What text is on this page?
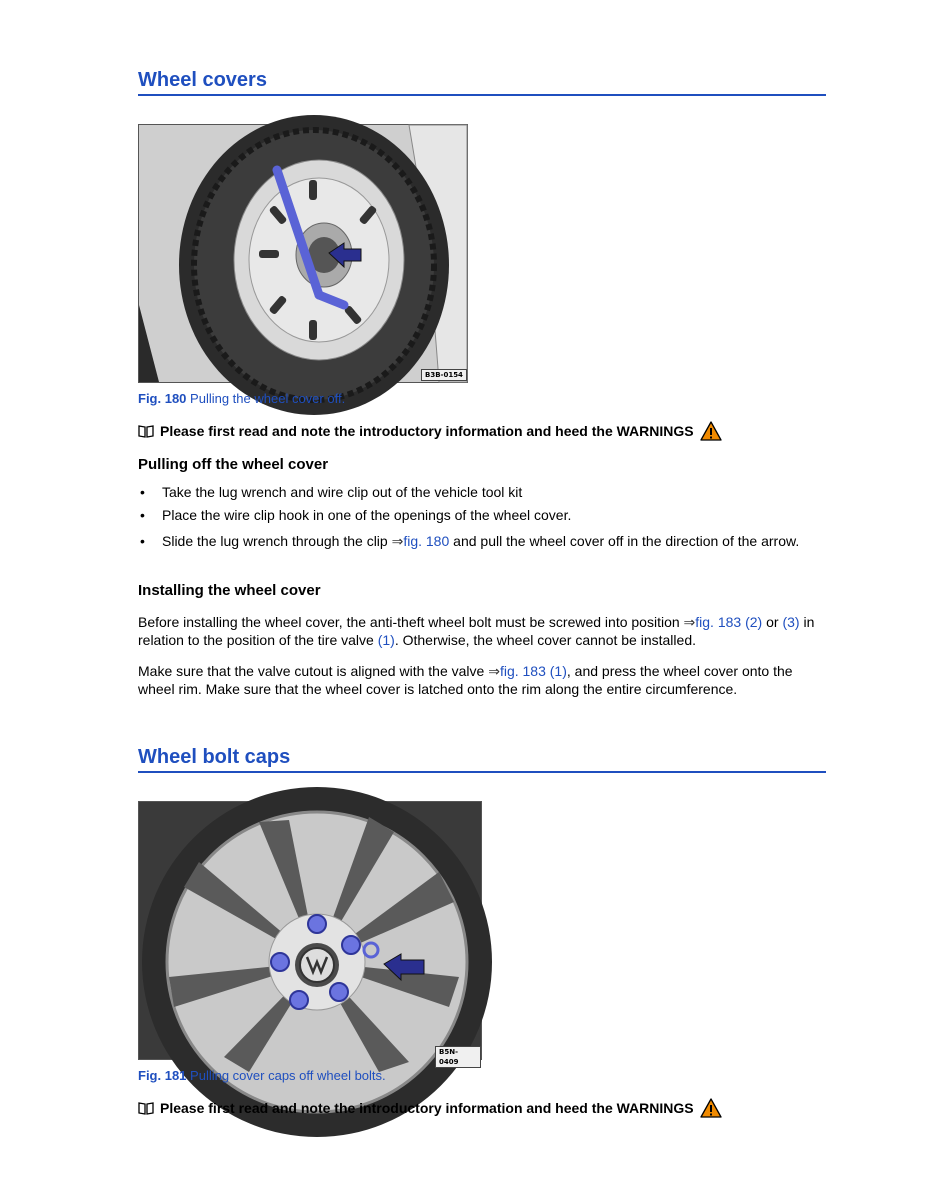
Wheel covers
B3B-0154
Fig. 180 Pulling the wheel cover off.
Please first read and note the introductory information and heed the WARNINGS
Pulling off the wheel cover
• Take the lug wrench and wire clip out of the vehicle tool kit
• Place the wire clip hook in one of the openings of the wheel cover.
• Slide the lug wrench through the clip ⇒fig. 180 and pull the wheel cover off in the direction of the arrow.
Installing the wheel cover
Before installing the wheel cover, the anti-theft wheel bolt must be screwed into position ⇒fig. 183 (2) or (3) in relation to the position of the tire valve (1). Otherwise, the wheel cover cannot be installed.
Make sure that the valve cutout is aligned with the valve ⇒fig. 183 (1), and press the wheel cover onto the wheel rim. Make sure that the wheel cover is latched onto the rim along the entire circumference.
Wheel bolt caps
B5N-0409
Fig. 181 Pulling cover caps off wheel bolts.
Please first read and note the introductory information and heed the WARNINGS
